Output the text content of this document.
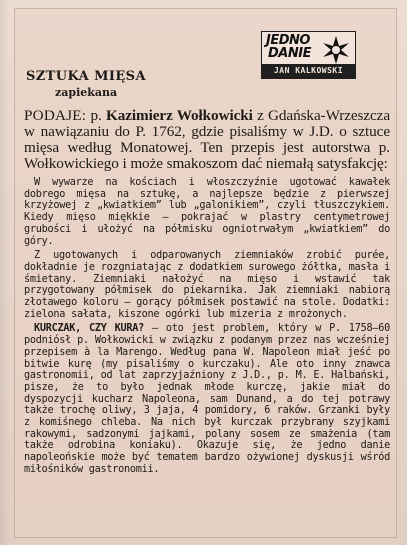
JEDNO
DANIE
JAN KALKOWSKI
SZTUKA MIĘSA
zapiekana

PODAJE: p. Kazimierz Wołkowicki z Gdańska-Wrzeszcza w nawiązaniu do P. 1762, gdzie pisaliśmy w J.D. o sztuce mięsa według Monatowej. Ten przepis jest autorstwa p. Wołkowickiego i może smakoszom dać niemałą satysfakcję:

W wywarze na kościach i włoszczyźnie ugotować kawałek dobrego mięsa na sztukę, a najlepsze będzie z pierwszej krzyżowej z „kwiatkiem” lub „galonikiem”, czyli tłuszczykiem. Kiedy mięso miękkie — pokrajać w plastry centymetrowej grubości i ułożyć na półmisku ogniotrwałym „kwiatkiem” do góry.

Z ugotowanych i odparowanych ziemniaków zrobić purée, dokładnie je rozgniatając z dodatkiem surowego żółtka, masła i śmietany. Ziemniaki nałożyć na mięso i wstawić tak przygotowany półmisek do piekarnika. Jak ziemniaki nabiorą złotawego koloru — gorący półmisek postawić na stole. Dodatki: zielona sałata, kiszone ogórki lub mizeria z mrożonych.

KURCZAK, CZY KURA? — oto jest problem, który w P. 1758—60 podniósł p. Wołkowicki w związku z podanym przez nas wcześniej przepisem à la Marengo. Według pana W. Napoleon miał jeść po bitwie kurę (my pisaliśmy o kurczaku). Ale oto inny znawca gastronomii, od lat zaprzyjaźniony z J.D., p. M. E. Halbański, pisze, że to było jednak młode kurczę, jakie miał do dyspozycji kucharz Napoleona, sam Dunand, a do tej potrawy także trochę oliwy, 3 jaja, 4 pomidory, 6 raków. Grzanki były z komiśnego chleba. Na nich był kurczak przybrany szyjkami rakowymi, sadzonymi jajkami, polany sosem ze smażenia (tam także odrobina koniaku). Okazuje się, że jedno danie napoleońskie może być tematem bardzo ożywionej dyskusji wśród miłośników gastronomii.
